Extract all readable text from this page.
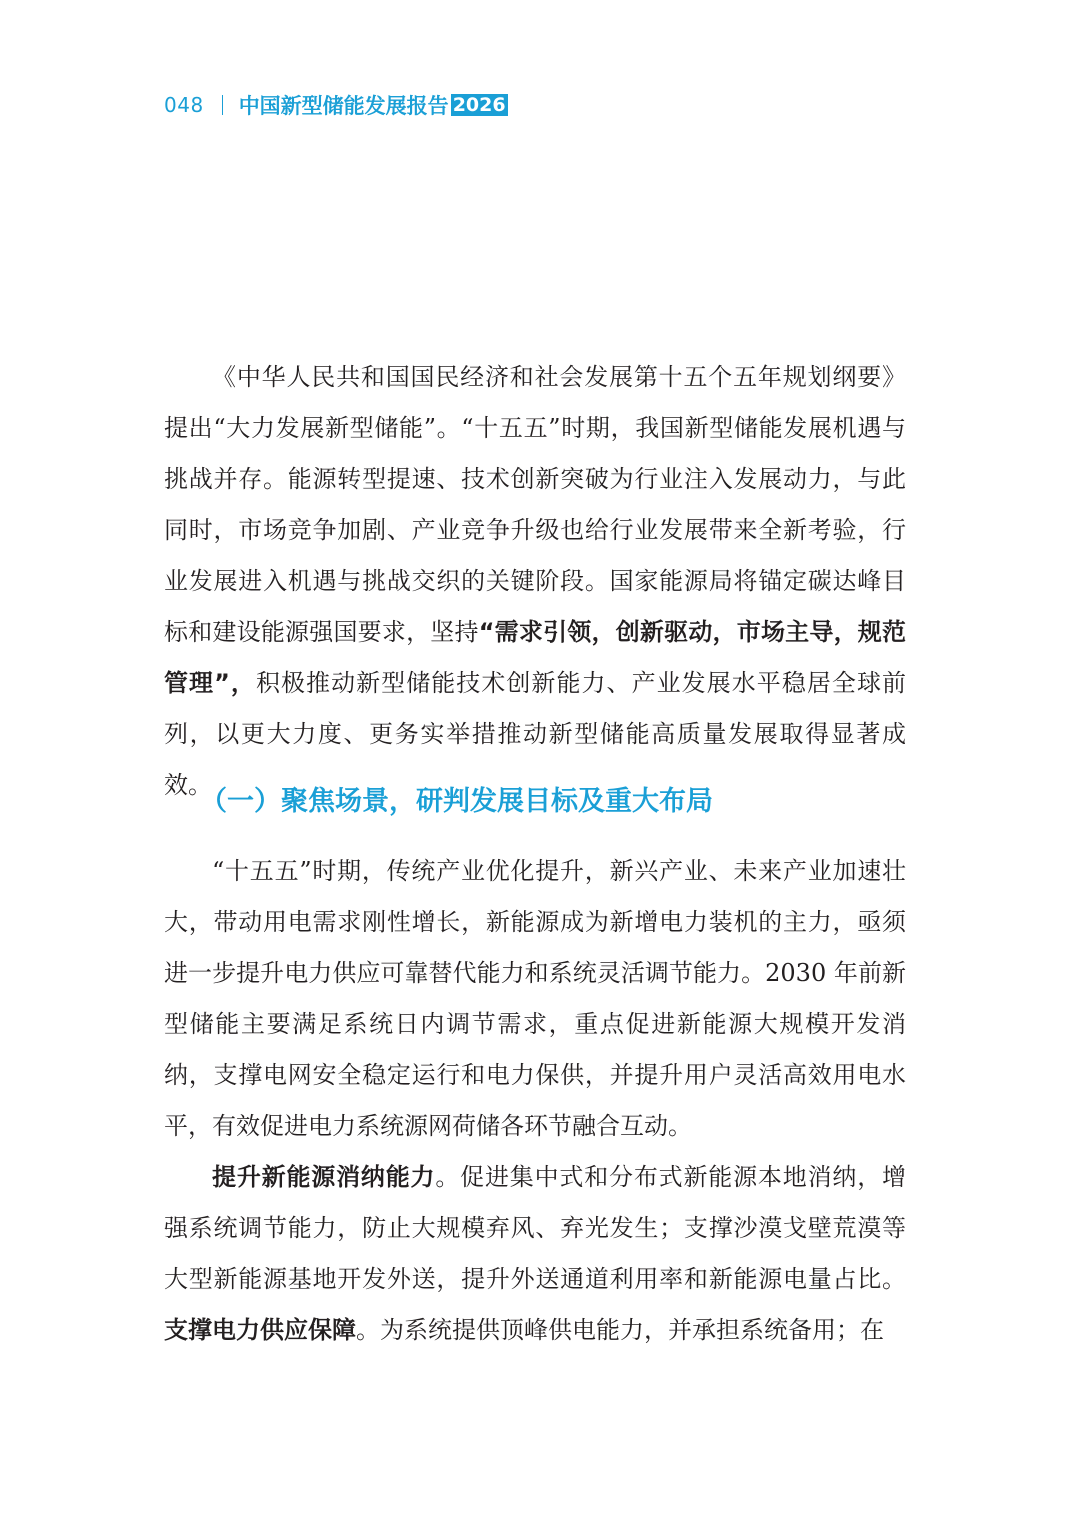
048 中国新型储能发展报告 2026

《中华人民共和国国民经济和社会发展第十五个五年规划纲要》提出“大力发展新型储能”。“十五五”时期，我国新型储能发展机遇与挑战并存。能源转型提速、技术创新突破为行业注入发展动力，与此同时，市场竞争加剧、产业竞争升级也给行业发展带来全新考验，行业发展进入机遇与挑战交织的关键阶段。国家能源局将锚定碳达峰目标和建设能源强国要求，坚持“需求引领，创新驱动，市场主导，规范管理”，积极推动新型储能技术创新能力、产业发展水平稳居全球前列，以更大力度、更务实举措推动新型储能高质量发展取得显著成效。

（一）聚焦场景，研判发展目标及重大布局

“十五五”时期，传统产业优化提升，新兴产业、未来产业加速壮大，带动用电需求刚性增长，新能源成为新增电力装机的主力，亟须进一步提升电力供应可靠替代能力和系统灵活调节能力。2030 年前新型储能主要满足系统日内调节需求，重点促进新能源大规模开发消纳，支撑电网安全稳定运行和电力保供，并提升用户灵活高效用电水平，有效促进电力系统源网荷储各环节融合互动。

提升新能源消纳能力。促进集中式和分布式新能源本地消纳，增强系统调节能力，防止大规模弃风、弃光发生；支撑沙漠戈壁荒漠等大型新能源基地开发外送，提升外送通道利用率和新能源电量占比。支撑电力供应保障。为系统提供顶峰供电能力，并承担系统备用；在
